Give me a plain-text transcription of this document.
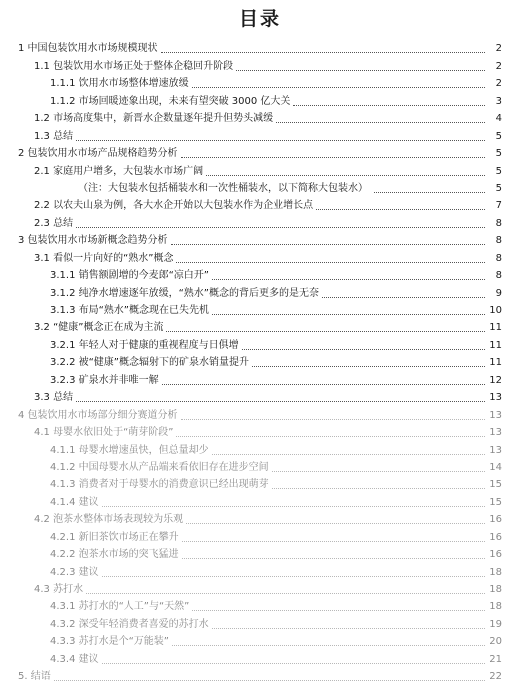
目录
1 中国包装饮用水市场规模现状	2
1.1 包装饮用水市场正处于整体企稳回升阶段	2
1.1.1 饮用水市场整体增速放缓	2
1.1.2 市场回暖迹象出现，未来有望突破 3000 亿大关	3
1.2 市场高度集中，新晋水企数量逐年提升但势头减缓	4
1.3 总结	5
2 包装饮用水市场产品规格趋势分析	5
2.1 家庭用户增多，大包装水市场广阔	5
（注：大包装水包括桶装水和一次性桶装水，以下简称大包装水）	5
2.2 以农夫山泉为例，各大水企开始以大包装水作为企业增长点	7
2.3 总结	8
3 包装饮用水市场新概念趋势分析	8
3.1 看似一片向好的“熟水”概念	8
3.1.1 销售额剧增的今麦郎“凉白开”	8
3.1.2 纯净水增速逐年放缓，“熟水”概念的背后更多的是无奈	9
3.1.3 布局“熟水”概念现在已失先机	10
3.2 “健康”概念正在成为主流	11
3.2.1 年轻人对于健康的重视程度与日俱增	11
3.2.2 被“健康”概念辐射下的矿泉水销量提升	11
3.2.3 矿泉水并非唯一解	12
3.3 总结	13
4 包装饮用水市场部分细分赛道分析	13
4.1 母婴水依旧处于“萌芽阶段”	13
4.1.1 母婴水增速虽快，但总量却少	13
4.1.2 中国母婴水从产品端来看依旧存在进步空间	14
4.1.3 消费者对于母婴水的消费意识已经出现萌芽	15
4.1.4 建议	15
4.2 泡茶水整体市场表现较为乐观	16
4.2.1 新旧茶饮市场正在攀升	16
4.2.2 泡茶水市场的突飞猛进	16
4.2.3 建议	18
4.3 苏打水	18
4.3.1 苏打水的“人工”与“天然”	18
4.3.2 深受年轻消费者喜爱的苏打水	19
4.3.3 苏打水是个“万能装”	20
4.3.4 建议	21
5. 结语	22
